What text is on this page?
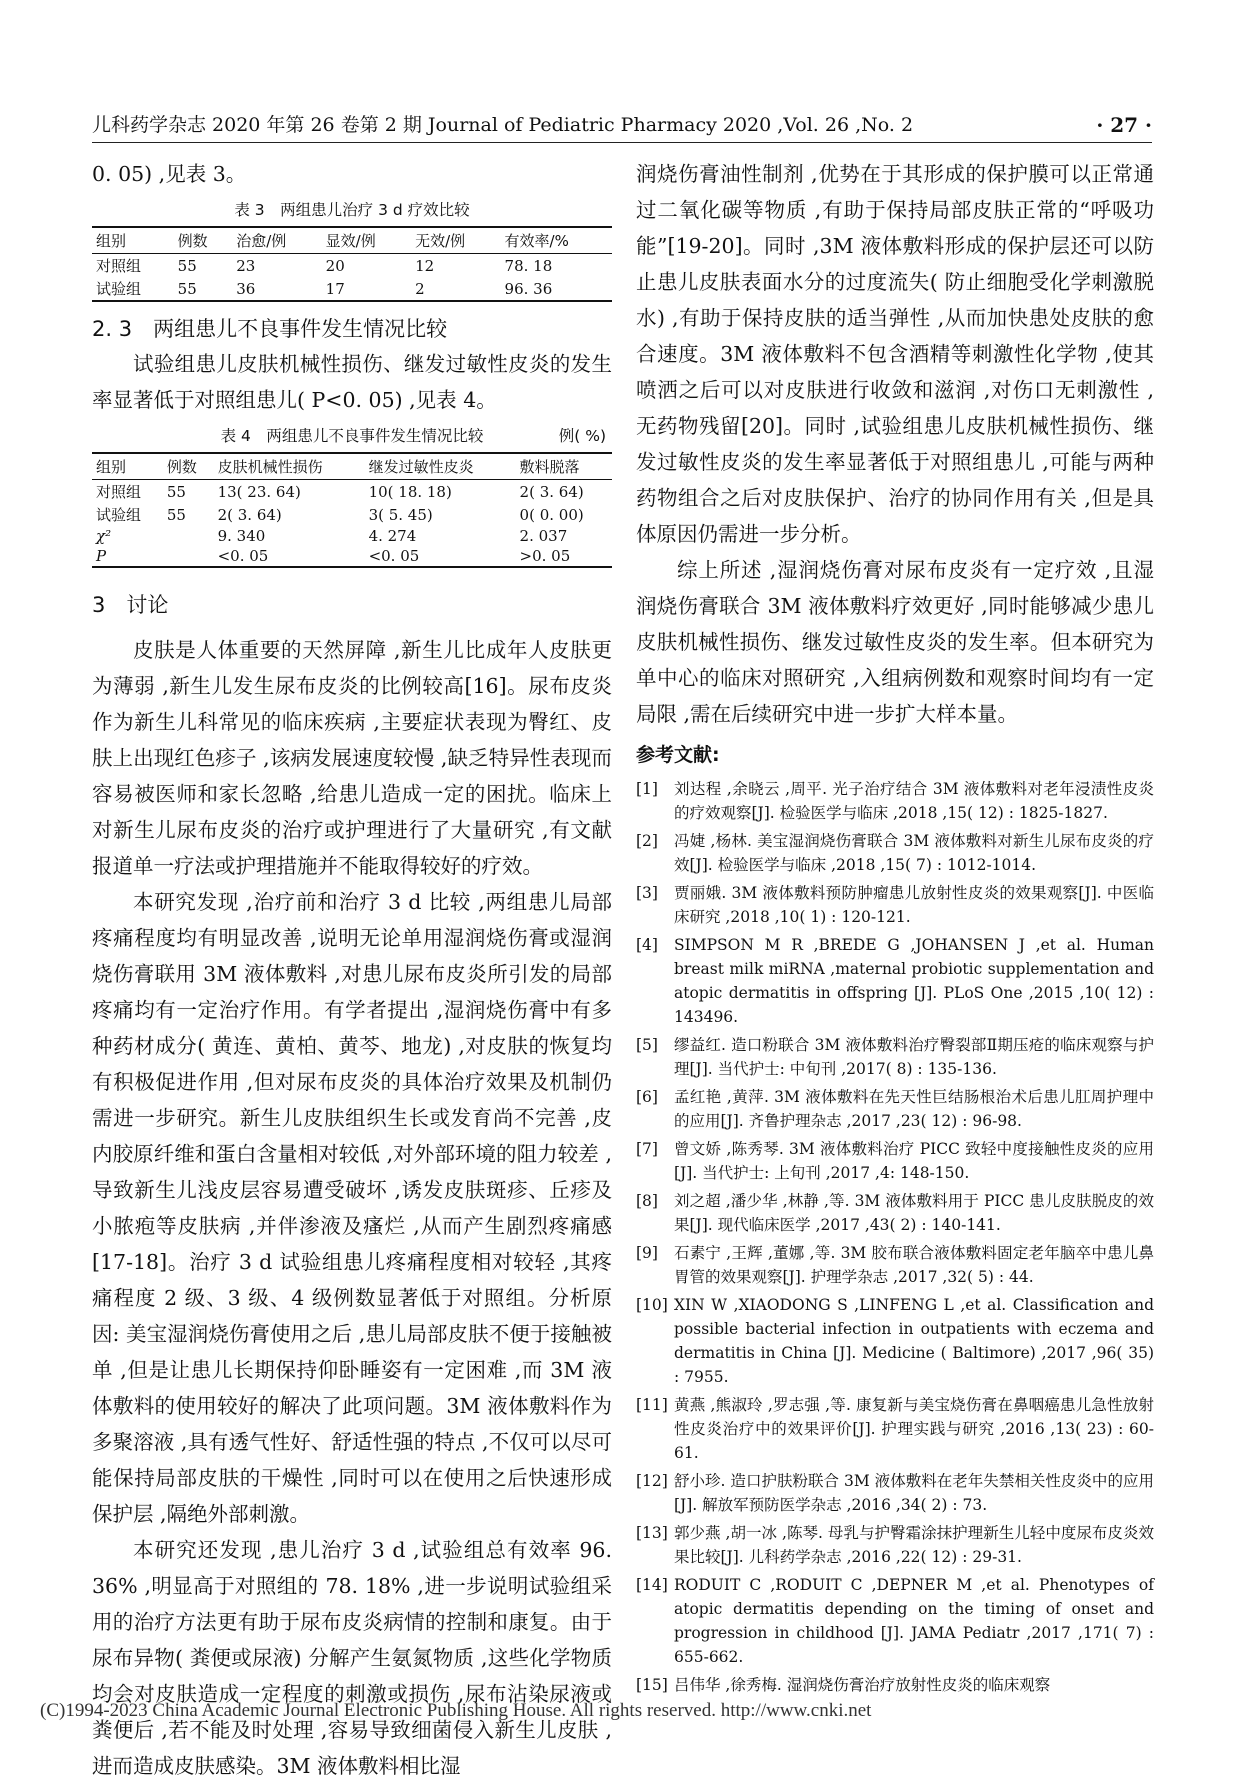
儿科药学杂志 2020 年第 26 卷第 2 期 Journal of Pediatric Pharmacy 2020 ,Vol. 26 ,No. 2	· 27 ·

0. 05) ,见表 3。

表 3　两组患儿治疗 3 d 疗效比较
组别	例数	治愈/例	显效/例	无效/例	有效率/%
对照组	55	23	20	12	78. 18
试验组	55	36	17	2	96. 36

2. 3　两组患儿不良事件发生情况比较

试验组患儿皮肤机械性损伤、继发过敏性皮炎的发生率显著低于对照组患儿( P<0. 05) ,见表 4。

表 4　两组患儿不良事件发生情况比较	例( %)
组别	例数	皮肤机械性损伤	继发过敏性皮炎	敷料脱落
对照组	55	13( 23. 64)	10( 18. 18)	2( 3. 64)
试验组	55	2( 3. 64)	3( 5. 45)	0( 0. 00)
χ²		9. 340	4. 274	2. 037
P		<0. 05	<0. 05	>0. 05

3　讨论

皮肤是人体重要的天然屏障 ,新生儿比成年人皮肤更为薄弱 ,新生儿发生尿布皮炎的比例较高[16]。尿布皮炎作为新生儿科常见的临床疾病 ,主要症状表现为臀红、皮肤上出现红色疹子 ,该病发展速度较慢 ,缺乏特异性表现而容易被医师和家长忽略 ,给患儿造成一定的困扰。临床上对新生儿尿布皮炎的治疗或护理进行了大量研究 ,有文献报道单一疗法或护理措施并不能取得较好的疗效。

本研究发现 ,治疗前和治疗 3 d 比较 ,两组患儿局部疼痛程度均有明显改善 ,说明无论单用湿润烧伤膏或湿润烧伤膏联用 3M 液体敷料 ,对患儿尿布皮炎所引发的局部疼痛均有一定治疗作用。有学者提出 ,湿润烧伤膏中有多种药材成分( 黄连、黄柏、黄芩、地龙) ,对皮肤的恢复均有积极促进作用 ,但对尿布皮炎的具体治疗效果及机制仍需进一步研究。新生儿皮肤组织生长或发育尚不完善 ,皮内胶原纤维和蛋白含量相对较低 ,对外部环境的阻力较差 ,导致新生儿浅皮层容易遭受破坏 ,诱发皮肤斑疹、丘疹及小脓疱等皮肤病 ,并伴渗液及瘙烂 ,从而产生剧烈疼痛感[17-18]。治疗 3 d 试验组患儿疼痛程度相对较轻 ,其疼痛程度 2 级、3 级、4 级例数显著低于对照组。分析原因: 美宝湿润烧伤膏使用之后 ,患儿局部皮肤不便于接触被单 ,但是让患儿长期保持仰卧睡姿有一定困难 ,而 3M 液体敷料的使用较好的解决了此项问题。3M 液体敷料作为多聚溶液 ,具有透气性好、舒适性强的特点 ,不仅可以尽可能保持局部皮肤的干燥性 ,同时可以在使用之后快速形成保护层 ,隔绝外部刺激。

本研究还发现 ,患儿治疗 3 d ,试验组总有效率 96. 36% ,明显高于对照组的 78. 18% ,进一步说明试验组采用的治疗方法更有助于尿布皮炎病情的控制和康复。由于尿布异物( 粪便或尿液) 分解产生氨氮物质 ,这些化学物质均会对皮肤造成一定程度的刺激或损伤 ,尿布沾染尿液或粪便后 ,若不能及时处理 ,容易导致细菌侵入新生儿皮肤 ,进而造成皮肤感染。3M 液体敷料相比湿

润烧伤膏油性制剂 ,优势在于其形成的保护膜可以正常通过二氧化碳等物质 ,有助于保持局部皮肤正常的“呼吸功能”[19-20]。同时 ,3M 液体敷料形成的保护层还可以防止患儿皮肤表面水分的过度流失( 防止细胞受化学刺激脱水) ,有助于保持皮肤的适当弹性 ,从而加快患处皮肤的愈合速度。3M 液体敷料不包含酒精等刺激性化学物 ,使其喷洒之后可以对皮肤进行收敛和滋润 ,对伤口无刺激性 ,无药物残留[20]。同时 ,试验组患儿皮肤机械性损伤、继发过敏性皮炎的发生率显著低于对照组患儿 ,可能与两种药物组合之后对皮肤保护、治疗的协同作用有关 ,但是具体原因仍需进一步分析。

综上所述 ,湿润烧伤膏对尿布皮炎有一定疗效 ,且湿润烧伤膏联合 3M 液体敷料疗效更好 ,同时能够减少患儿皮肤机械性损伤、继发过敏性皮炎的发生率。但本研究为单中心的临床对照研究 ,入组病例数和观察时间均有一定局限 ,需在后续研究中进一步扩大样本量。

参考文献:
[1]	刘达程 ,余晓云 ,周平. 光子治疗结合 3M 液体敷料对老年浸渍性皮炎的疗效观察[J]. 检验医学与临床 ,2018 ,15( 12) : 1825-1827.
[2]	冯婕 ,杨林. 美宝湿润烧伤膏联合 3M 液体敷料对新生儿尿布皮炎的疗效[J]. 检验医学与临床 ,2018 ,15( 7) : 1012-1014.
[3]	贾丽娥. 3M 液体敷料预防肿瘤患儿放射性皮炎的效果观察[J]. 中医临床研究 ,2018 ,10( 1) : 120-121.
[4]	SIMPSON M R ,BREDE G ,JOHANSEN J ,et al. Human breast milk miRNA ,maternal probiotic supplementation and atopic dermatitis in offspring [J]. PLoS One ,2015 ,10( 12) : 143496.
[5]	缪益红. 造口粉联合 3M 液体敷料治疗臀裂部Ⅱ期压疮的临床观察与护理[J]. 当代护士: 中旬刊 ,2017( 8) : 135-136.
[6]	孟红艳 ,黄萍. 3M 液体敷料在先天性巨结肠根治术后患儿肛周护理中的应用[J]. 齐鲁护理杂志 ,2017 ,23( 12) : 96-98.
[7]	曾文娇 ,陈秀琴. 3M 液体敷料治疗 PICC 致轻中度接触性皮炎的应用[J]. 当代护士: 上旬刊 ,2017 ,4: 148-150.
[8]	刘之超 ,潘少华 ,林静 ,等. 3M 液体敷料用于 PICC 患儿皮肤脱皮的效果[J]. 现代临床医学 ,2017 ,43( 2) : 140-141.
[9]	石素宁 ,王辉 ,董娜 ,等. 3M 胶布联合液体敷料固定老年脑卒中患儿鼻胃管的效果观察[J]. 护理学杂志 ,2017 ,32( 5) : 44.
[10] XIN W ,XIAODONG S ,LINFENG L ,et al. Classification and possible bacterial infection in outpatients with eczema and dermatitis in China [J]. Medicine ( Baltimore) ,2017 ,96( 35) : 7955.
[11] 黄燕 ,熊淑玲 ,罗志强 ,等. 康复新与美宝烧伤膏在鼻咽癌患儿急性放射性皮炎治疗中的效果评价[J]. 护理实践与研究 ,2016 ,13( 23) : 60-61.
[12] 舒小珍. 造口护肤粉联合 3M 液体敷料在老年失禁相关性皮炎中的应用[J]. 解放军预防医学杂志 ,2016 ,34( 2) : 73.
[13] 郭少燕 ,胡一冰 ,陈琴. 母乳与护臀霜涂抹护理新生儿轻中度尿布皮炎效果比较[J]. 儿科药学杂志 ,2016 ,22( 12) : 29-31.
[14] RODUIT C ,RODUIT C ,DEPNER M ,et al. Phenotypes of atopic dermatitis depending on the timing of onset and progression in childhood [J]. JAMA Pediatr ,2017 ,171( 7) : 655-662.
[15] 吕伟华 ,徐秀梅. 湿润烧伤膏治疗放射性皮炎的临床观察
(C)1994-2023 China Academic Journal Electronic Publishing House. All rights reserved. http://www.cnki.net
